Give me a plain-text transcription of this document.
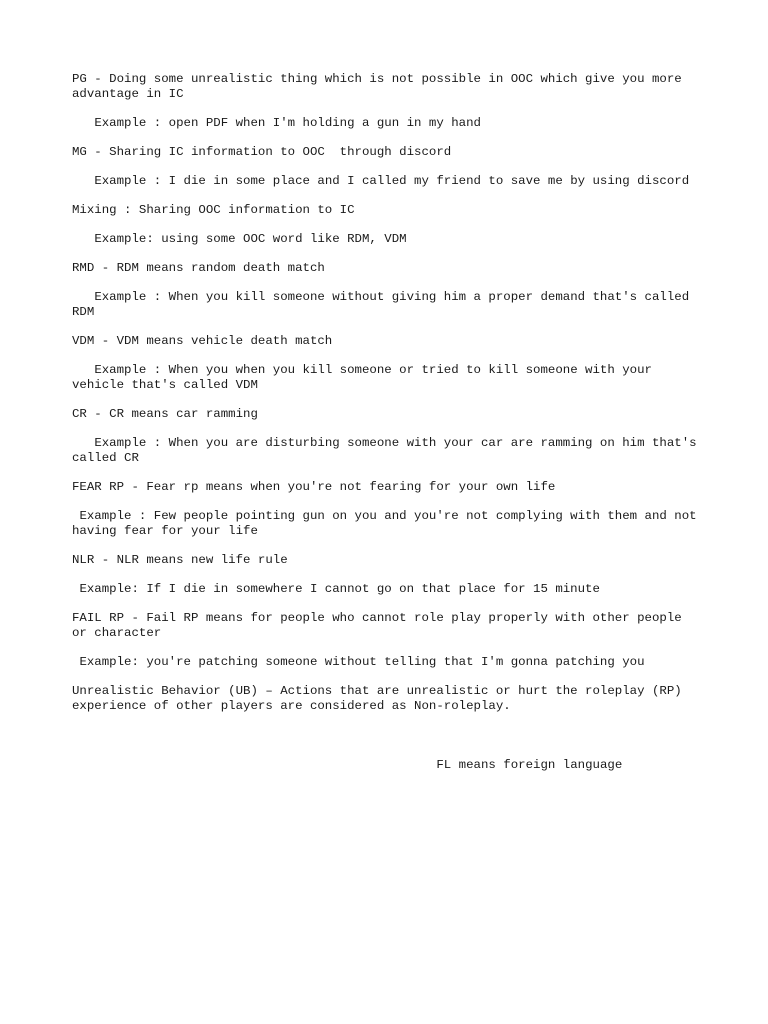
PG - Doing some unrealistic thing which is not possible in OOC which give you more advantage in IC

Example : open PDF when I'm holding a gun in my hand

MG - Sharing IC information to OOC  through discord

Example : I die in some place and I called my friend to save me by using discord

Mixing : Sharing OOC information to IC

Example: using some OOC word like RDM, VDM

RMD - RDM means random death match

Example : When you kill someone without giving him a proper demand that's called RDM

VDM - VDM means vehicle death match

Example : When you when you kill someone or tried to kill someone with your vehicle that's called VDM

CR - CR means car ramming

Example : When you are disturbing someone with your car are ramming on him that's called CR

FEAR RP - Fear rp means when you're not fearing for your own life

Example : Few people pointing gun on you and you're not complying with them and not having fear for your life

NLR - NLR means new life rule

Example: If I die in somewhere I cannot go on that place for 15 minute

FAIL RP - Fail RP means for people who cannot role play properly with other people or character

Example: you're patching someone without telling that I'm gonna patching you

Unrealistic Behavior (UB) – Actions that are unrealistic or hurt the roleplay (RP) experience of other players are considered as Non-roleplay.

FL means foreign language
